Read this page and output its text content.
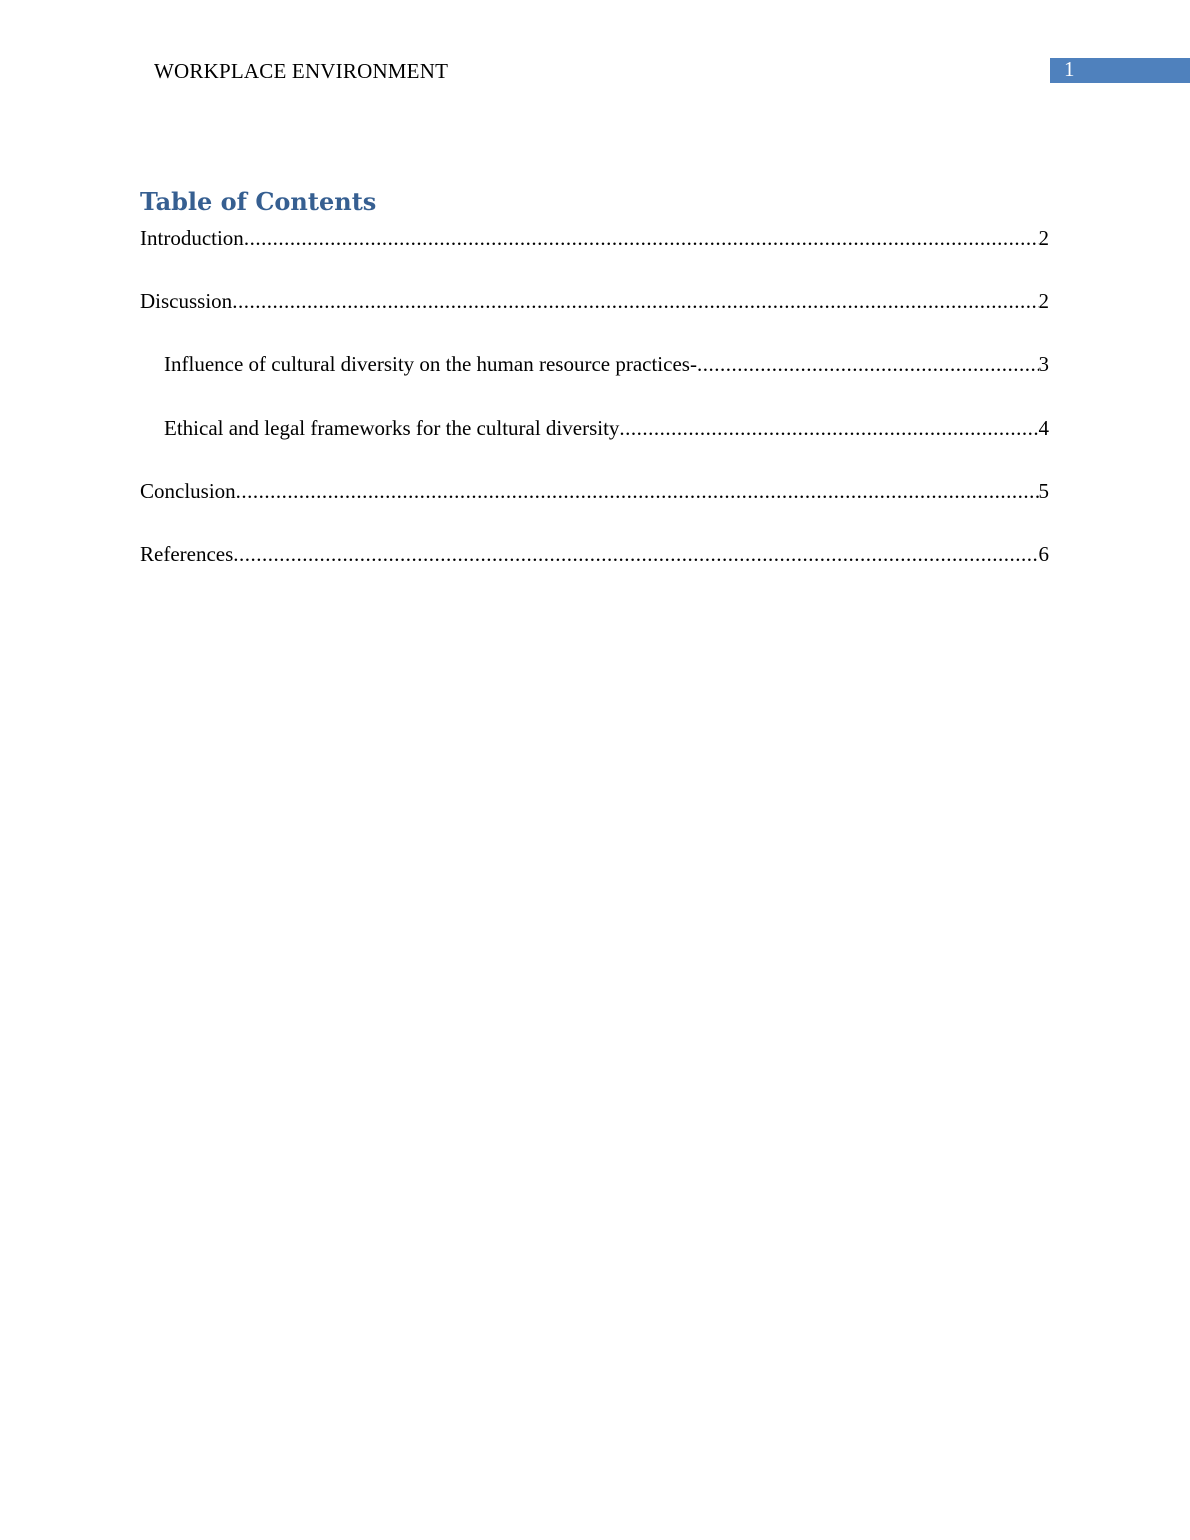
WORKPLACE ENVIRONMENT	1
Table of Contents
Introduction .....	2
Discussion .....	2
Influence of cultural diversity on the human resource practices- .....	3
Ethical and legal frameworks for the cultural diversity .....	4
Conclusion .....	5
References .....	6
